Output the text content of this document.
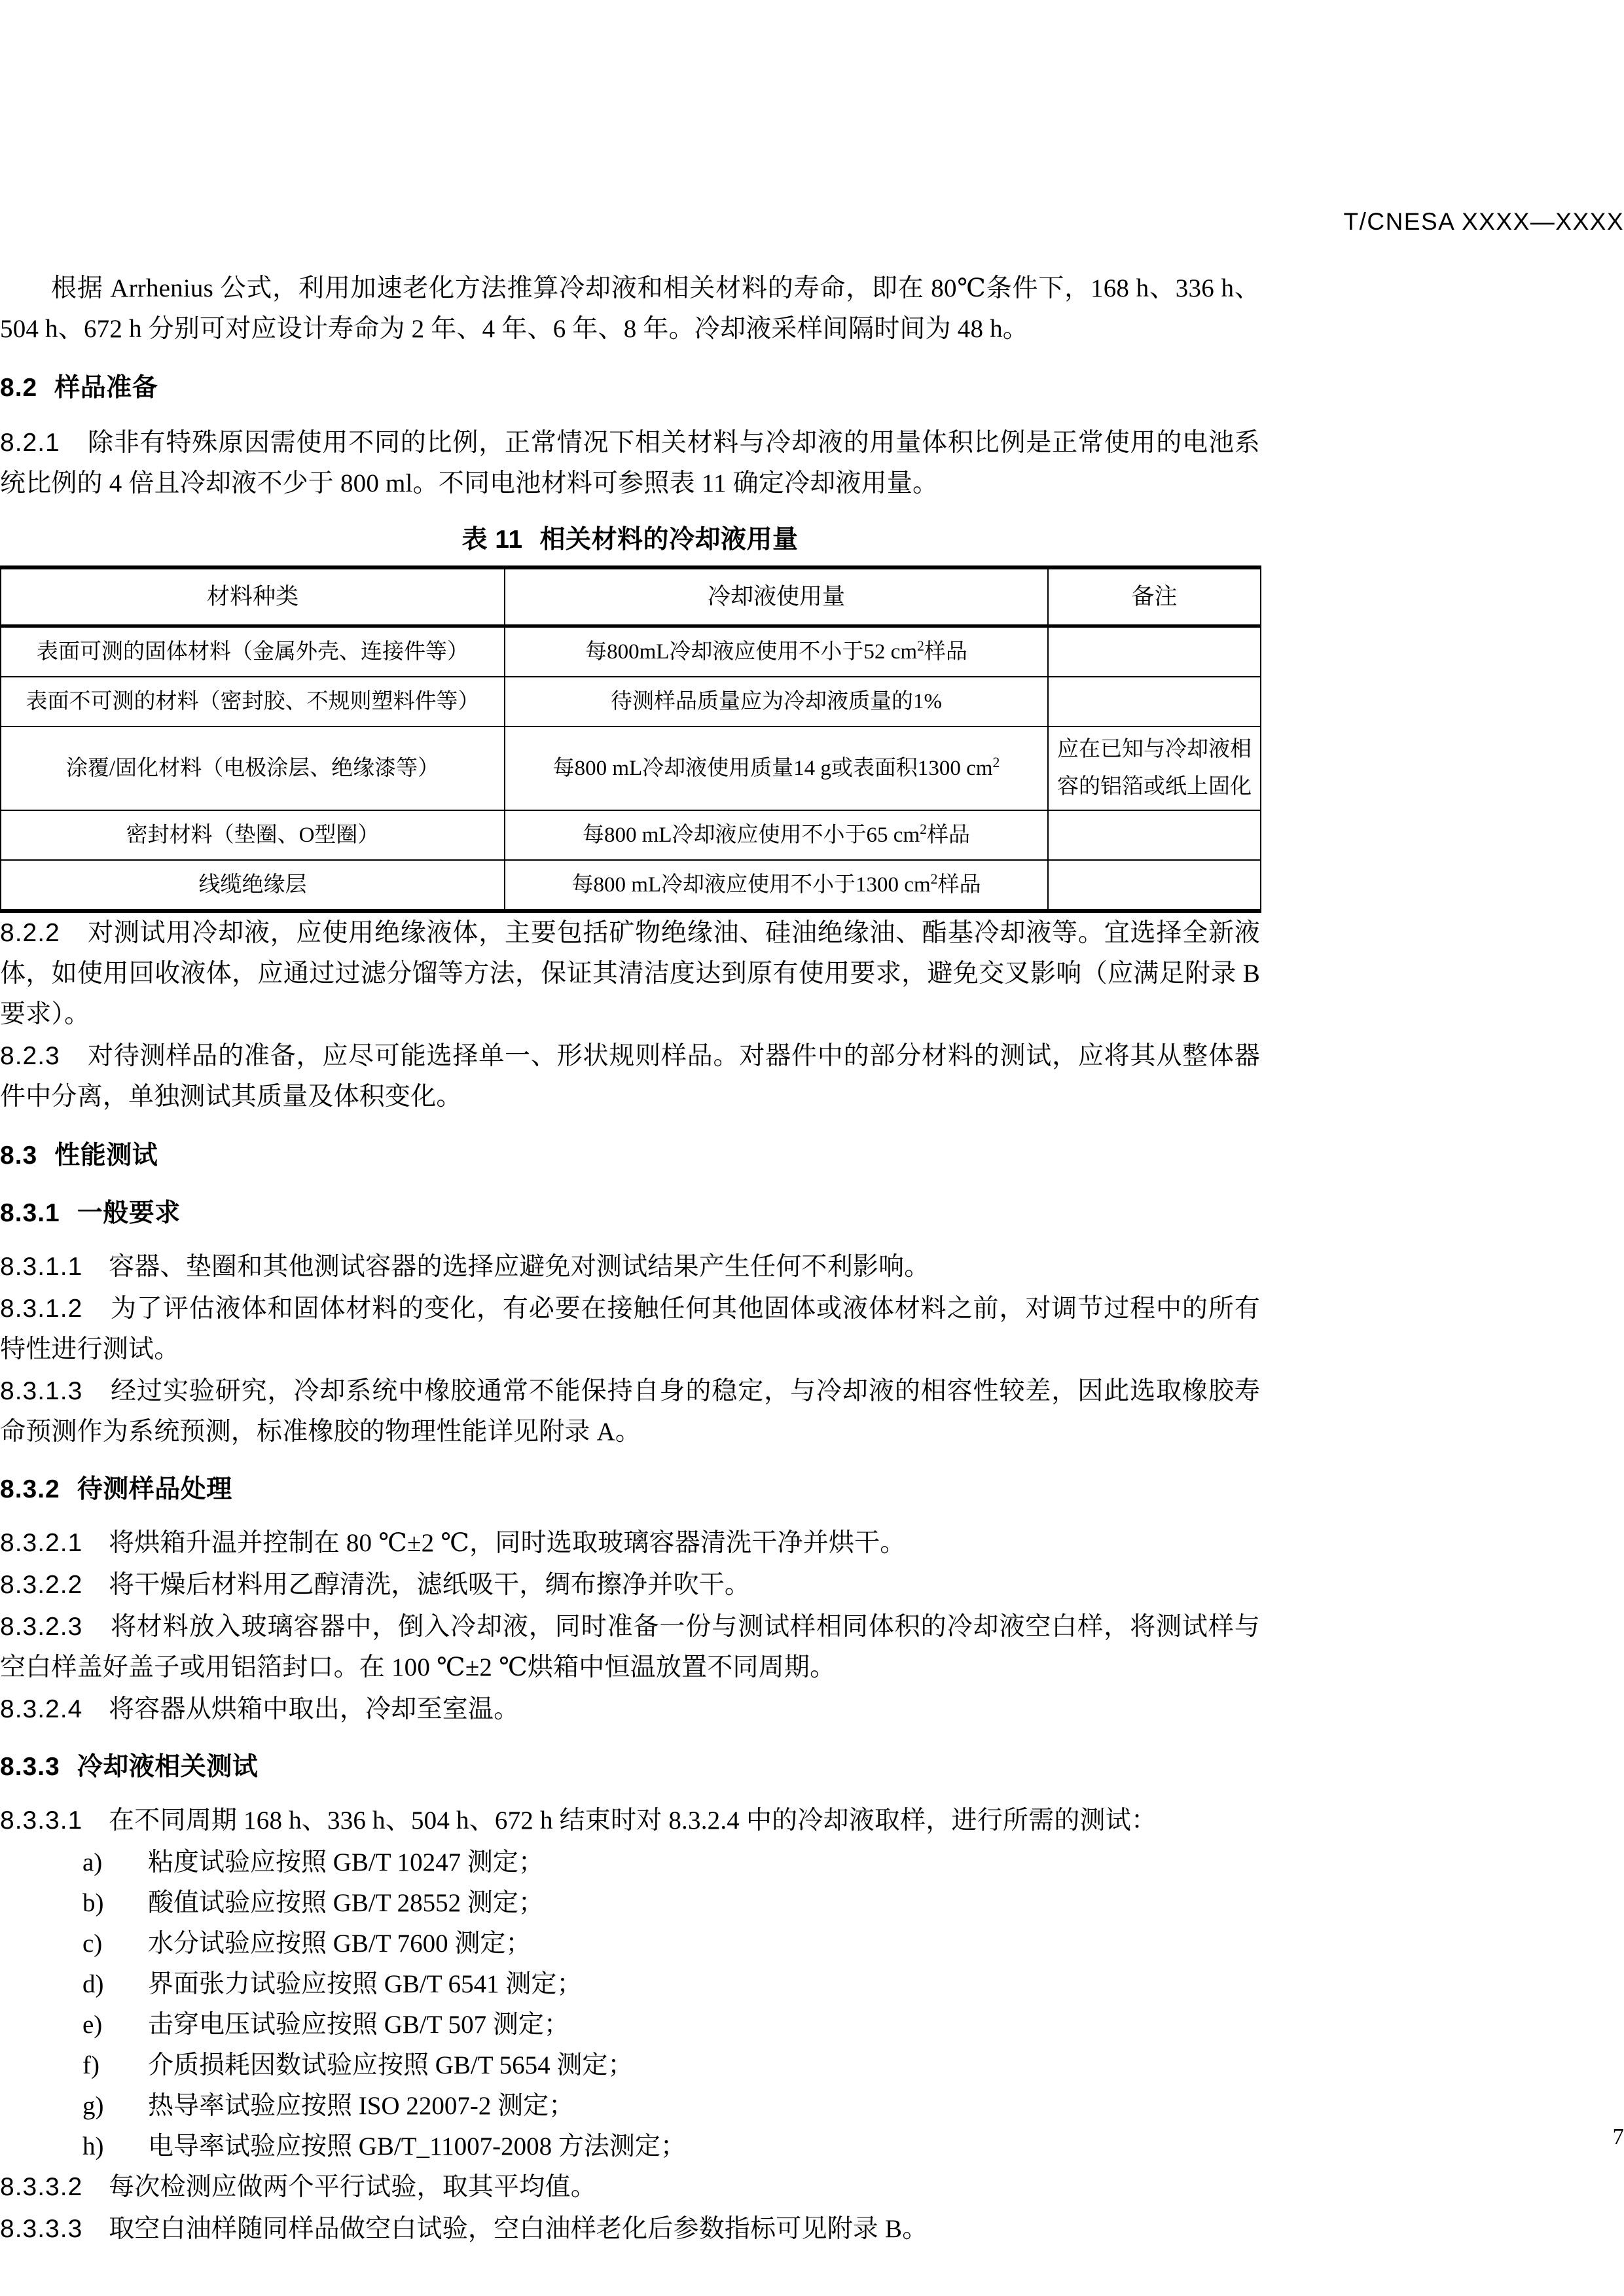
T/CNESA XXXX—XXXX

根据 Arrhenius 公式，利用加速老化方法推算冷却液和相关材料的寿命，即在 80℃条件下，168 h、336 h、504 h、672 h 分别可对应设计寿命为 2 年、4 年、6 年、8 年。冷却液采样间隔时间为 48 h。

8.2 样品准备

8.2.1 除非有特殊原因需使用不同的比例，正常情况下相关材料与冷却液的用量体积比例是正常使用的电池系统比例的 4 倍且冷却液不少于 800 ml。不同电池材料可参照表 11 确定冷却液用量。

表 11 相关材料的冷却液用量
材料种类	冷却液使用量	备注
表面可测的固体材料（金属外壳、连接件等）	每800mL冷却液应使用不小于52 $cm^2$样品	
表面不可测的材料（密封胶、不规则塑料件等）	待测样品质量应为冷却液质量的1%	
涂覆/固化材料（电极涂层、绝缘漆等）	每800 mL冷却液使用质量14 g或表面积1300 $cm^2$	应在已知与冷却液相容的铝箔或纸上固化
密封材料（垫圈、O型圈）	每800 mL冷却液应使用不小于65 $cm^2$样品	
线缆绝缘层	每800 mL冷却液应使用不小于1300 $cm^2$样品	

8.2.2 对测试用冷却液，应使用绝缘液体，主要包括矿物绝缘油、硅油绝缘油、酯基冷却液等。宜选择全新液体，如使用回收液体，应通过过滤分馏等方法，保证其清洁度达到原有使用要求，避免交叉影响（应满足附录 B 要求）。

8.2.3 对待测样品的准备，应尽可能选择单一、形状规则样品。对器件中的部分材料的测试，应将其从整体器件中分离，单独测试其质量及体积变化。

8.3 性能测试
8.3.1 一般要求

8.3.1.1 容器、垫圈和其他测试容器的选择应避免对测试结果产生任何不利影响。

8.3.1.2 为了评估液体和固体材料的变化，有必要在接触任何其他固体或液体材料之前，对调节过程中的所有特性进行测试。

8.3.1.3 经过实验研究，冷却系统中橡胶通常不能保持自身的稳定，与冷却液的相容性较差，因此选取橡胶寿命预测作为系统预测，标准橡胶的物理性能详见附录 A。

8.3.2 待测样品处理

8.3.2.1 将烘箱升温并控制在 80 ℃±2 ℃，同时选取玻璃容器清洗干净并烘干。

8.3.2.2 将干燥后材料用乙醇清洗，滤纸吸干，绸布擦净并吹干。

8.3.2.3 将材料放入玻璃容器中，倒入冷却液，同时准备一份与测试样相同体积的冷却液空白样，将测试样与空白样盖好盖子或用铝箔封口。在 100 ℃±2 ℃烘箱中恒温放置不同周期。

8.3.2.4 将容器从烘箱中取出，冷却至室温。

8.3.3 冷却液相关测试

8.3.3.1 在不同周期 168 h、336 h、504 h、672 h 结束时对 8.3.2.4 中的冷却液取样，进行所需的测试：

a) 粘度试验应按照 GB/T 10247 测定；
b) 酸值试验应按照 GB/T 28552 测定；
c) 水分试验应按照 GB/T 7600 测定；
d) 界面张力试验应按照 GB/T 6541 测定；
e) 击穿电压试验应按照 GB/T 507 测定；
f) 介质损耗因数试验应按照 GB/T 5654 测定；
g) 热导率试验应按照 ISO 22007-2 测定；
h) 电导率试验应按照 GB/T_11007-2008 方法测定；

8.3.3.2 每次检测应做两个平行试验，取其平均值。

8.3.3.3 取空白油样随同样品做空白试验，空白油样老化后参数指标可见附录 B。

7
